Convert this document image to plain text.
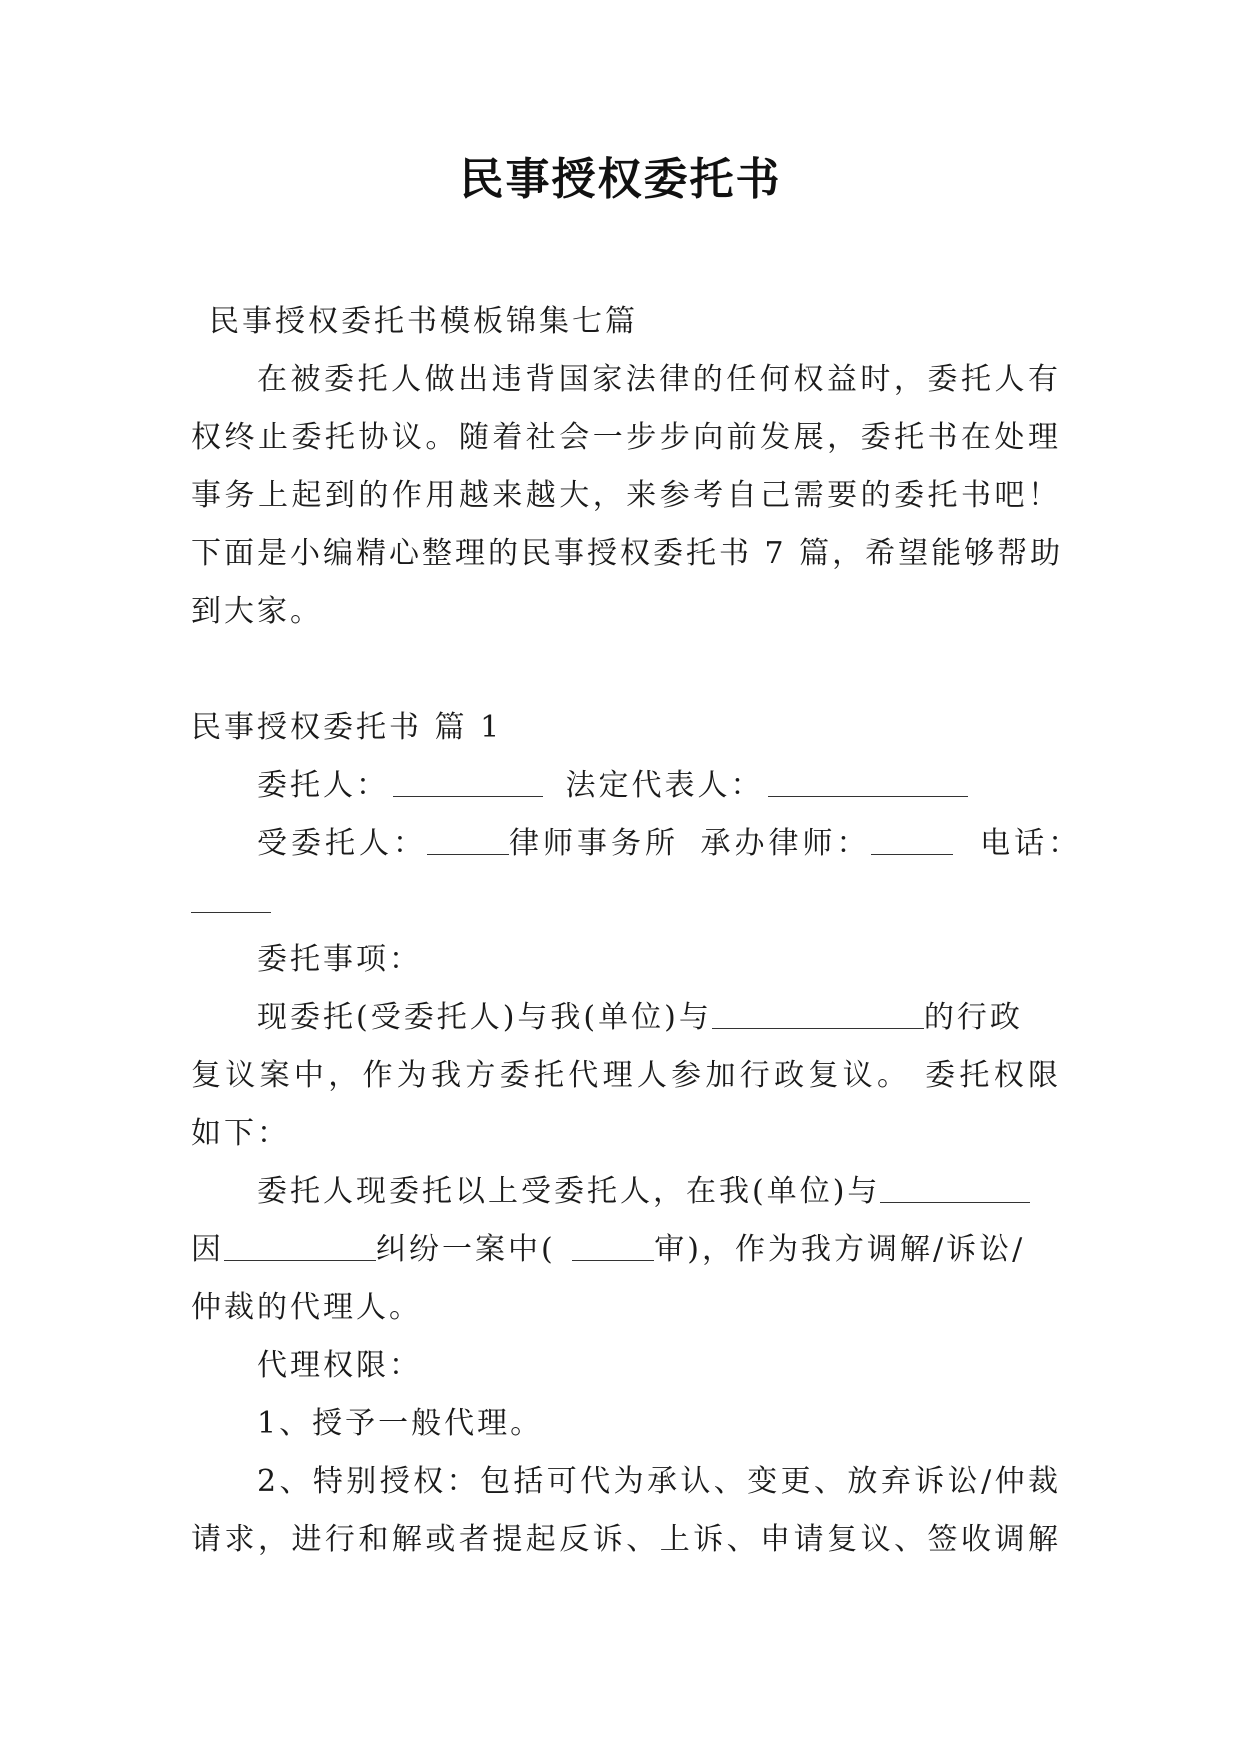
民事授权委托书
民事授权委托书模板锦集七篇
在被委托人做出违背国家法律的任何权益时，委托人有
权终止委托协议。随着社会一步步向前发展，委托书在处理
事务上起到的作用越来越大，来参考自己需要的委托书吧！
下面是小编精心整理的民事授权委托书 7 篇，希望能够帮助
到大家。
民事授权委托书 篇 1
委托人：	法定代表人：
受委托人：	律师事务所 承办律师：	电话：
委托事项：
现委托(受委托人)与我(单位)与	的行政
复议案中，作为我方委托代理人参加行政复议。 委托权限
如下：
委托人现委托以上受委托人，在我(单位)与
因	纠纷一案中(	审)，作为我方调解/诉讼/
仲裁的代理人。
代理权限：
1、授予一般代理。
2、特别授权：包括可代为承认、变更、放弃诉讼/仲裁
请求，进行和解或者提起反诉、上诉、申请复议、签收调解
